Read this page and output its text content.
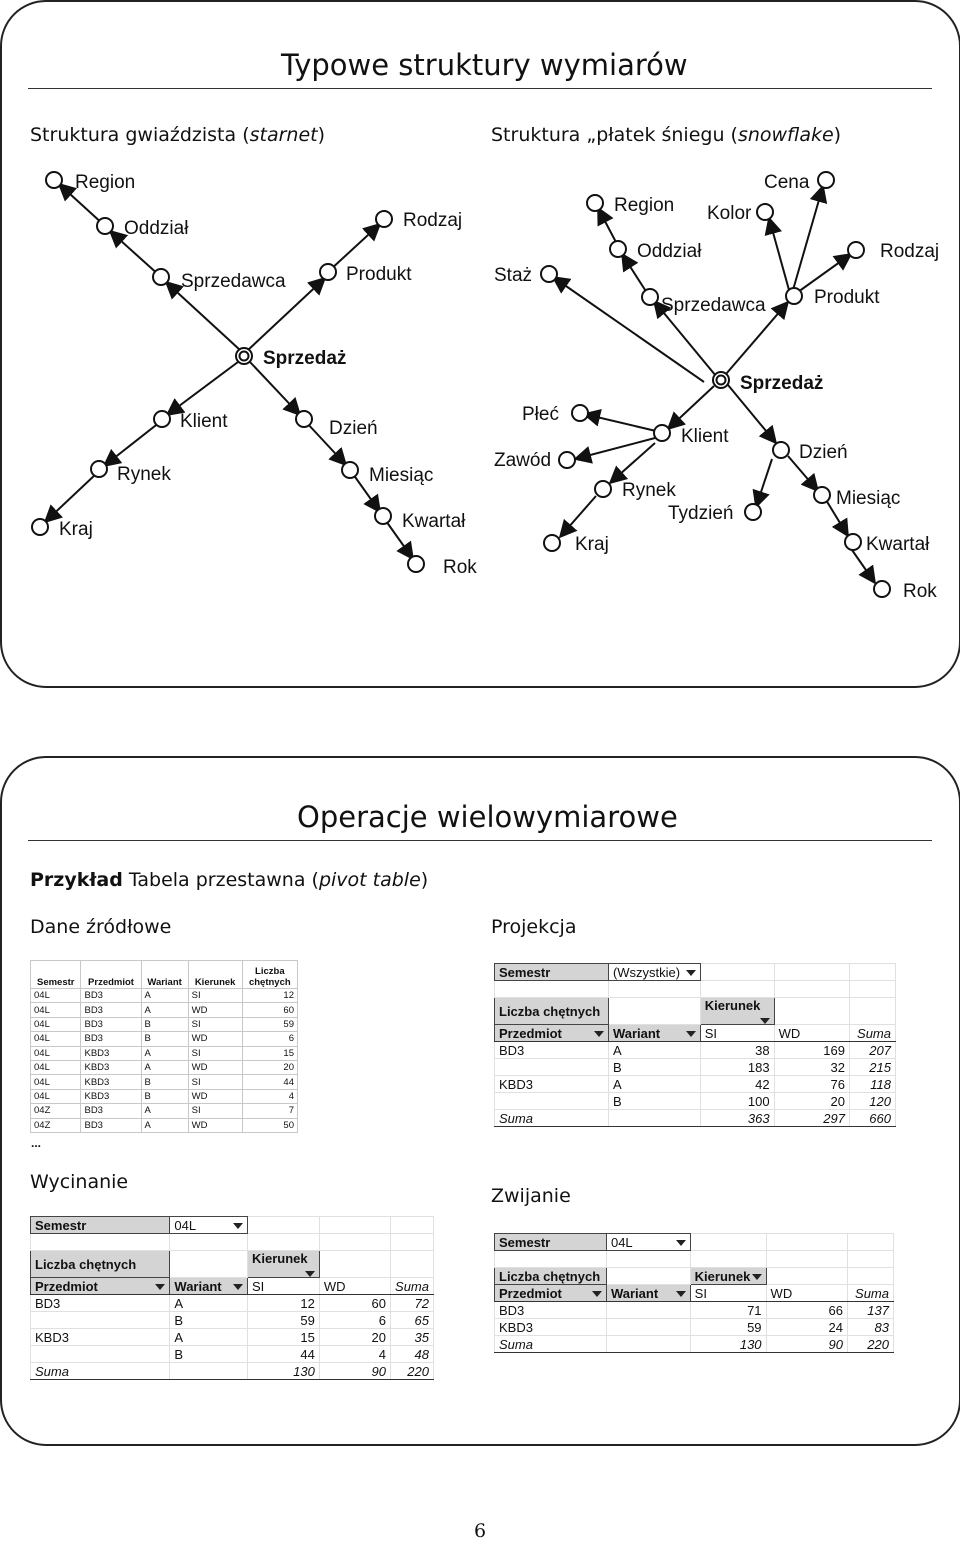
Typowe struktury wymiarów
Struktura gwiaździsta (starnet)	Struktura „płatek śniegu (snowflake)
Sprzedaż
Region
Oddział
Sprzedawca
Rodzaj
Produkt
Klient
Rynek
Kraj
Dzień
Miesiąc
Kwartał
Rok
Sprzedaż
Region
Oddział
Sprzedawca
Kolor
Cena
Rodzaj
Produkt
Staż
Płeć
Zawód
Klient
Rynek
Kraj
Tydzień
Dzień
Miesiąc
Kwartał
Rok
Operacje wielowymiarowe
Przykład Tabela przestawna (pivot table)
Dane źródłowe	Projekcja
Wycinanie
Zwijanie
Semestr	Przedmiot	Wariant	Kierunek	Liczba
chętnych
04L	BD3	A	SI	12
04L	BD3	A	WD	60
04L	BD3	B	SI	59
04L	BD3	B	WD	6
04L	KBD3	A	SI	15
04L	KBD3	A	WD	20
04L	KBD3	B	SI	44
04L	KBD3	B	WD	4
04Z	BD3	A	SI	7
04Z	BD3	A	WD	50
...
Semestr	(Wszystkie)

Liczba chętnych		Kierunek

Przedmiot	Wariant	SI	WD	Suma
BD3	A	38	169	207
	B	183	32	215
KBD3	A	42	76	118
	B	100	20	120
Suma		363	297	660
Semestr	04L

Liczba chętnych		Kierunek

Przedmiot	Wariant	SI	WD	Suma
BD3	A	12	60	72
	B	59	6	65
KBD3	A	15	20	35
	B	44	4	48
Suma		130	90	220
Semestr	04L

Liczba chętnych		Kierunek

Przedmiot	Wariant	SI	WD	Suma
BD3		71	66	137
KBD3		59	24	83
Suma		130	90	220
6
